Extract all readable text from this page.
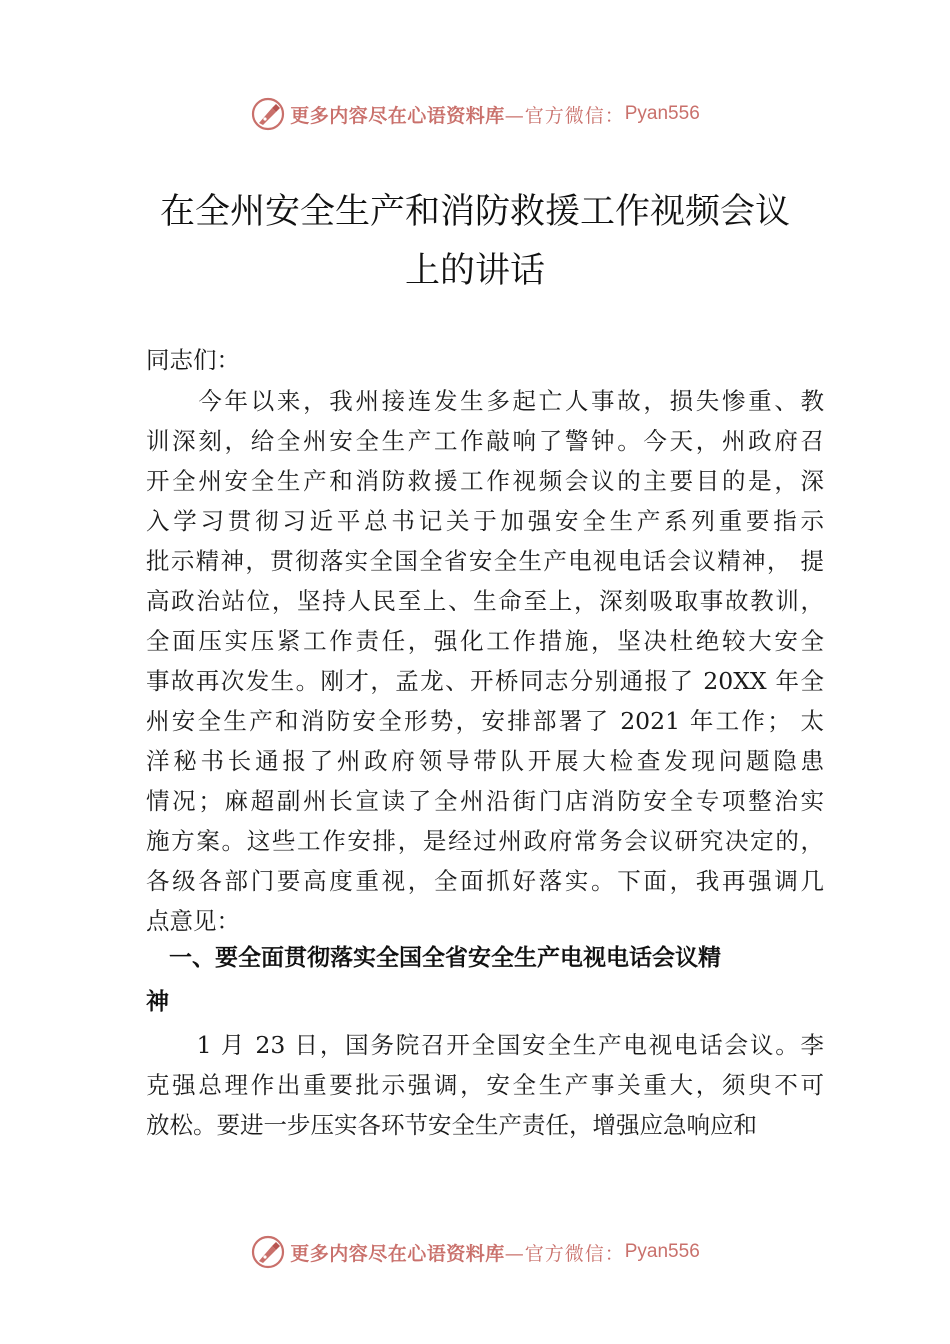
更多内容尽在心语资料库 —官方微信： Pyan556
在全州安全生产和消防救援工作视频会议
上的讲话
同志们：
　　今年以来，我州接连发生多起亡人事故，损失惨重、教
训深刻，给全州安全生产工作敲响了警钟。今天，州政府召
开全州安全生产和消防救援工作视频会议的主要目的是，深
入学习贯彻习近平总书记关于加强安全生产系列重要指示
批示精神，贯彻落实全国全省安全生产电视电话会议精神， 提
高政治站位，坚持人民至上、生命至上，深刻吸取事故教训，
全面压实压紧工作责任，强化工作措施，坚决杜绝较大安全
事故再次发生。刚才，孟龙、开桥同志分别通报了 20XX 年全
州安全生产和消防安全形势，安排部署了 2021 年工作； 太
洋秘书长通报了州政府领导带队开展大检查发现问题隐患
情况；麻超副州长宣读了全州沿街门店消防安全专项整治实
施方案。这些工作安排，是经过州政府常务会议研究决定的，
各级各部门要高度重视，全面抓好落实。下面，我再强调几
点意见：
　一、要全面贯彻落实全国全省安全生产电视电话会议精
神
　　1 月 23 日，国务院召开全国安全生产电视电话会议。李
克强总理作出重要批示强调，安全生产事关重大，须臾不可
放松。要进一步压实各环节安全生产责任，增强应急响应和
更多内容尽在心语资料库 —官方微信： Pyan556
